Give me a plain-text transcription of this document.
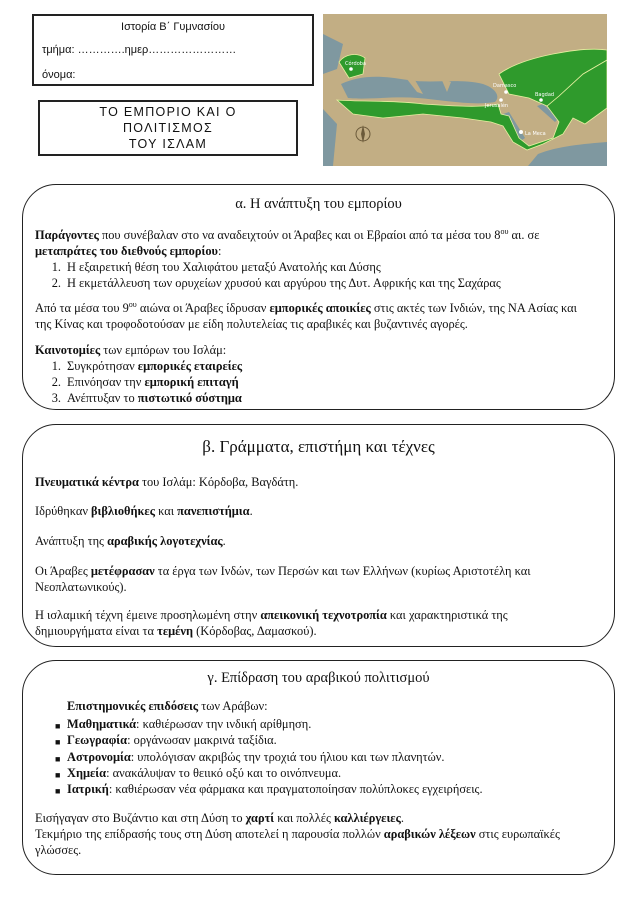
Ιστορία Β΄ Γυμνασίου
τμήμα: ………….ημερ……………………
όνομα:
ΤΟ ΕΜΠΟΡΙΟ ΚΑΙ Ο ΠΟΛΙΤΙΣΜΟΣ
ΤΟΥ ΙΣΛΑΜ
Córdoba
Damasco
Jerusalén
Bagdad
La Meca
α. Η ανάπτυξη του εμπορίου
Παράγοντες που συνέβαλαν στο να αναδειχτούν οι Άραβες και οι Εβραίοι από τα μέσα του $8^{o\upsilon}$ αι. σε
μεταπράτες του διεθνούς εμπορίου:
1. Η εξαιρετική θέση του Χαλιφάτου μεταξύ Ανατολής και Δύσης
2. Η εκμετάλλευση των ορυχείων χρυσού και αργύρου της Δυτ. Αφρικής και της Σαχάρας
Από τα μέσα του $9^{o\upsilon}$ αιώνα οι Άραβες ίδρυσαν εμπορικές αποικίες στις ακτές των Ινδιών, της ΝΑ Ασίας και
της Κίνας και τροφοδοτούσαν με είδη πολυτελείας τις αραβικές και βυζαντινές αγορές.
Καινοτομίες των εμπόρων του Ισλάμ:
1. Συγκρότησαν εμπορικές εταιρείες
2. Επινόησαν την εμπορική επιταγή
3. Ανέπτυξαν το πιστωτικό σύστημα
β. Γράμματα, επιστήμη και τέχνες
Πνευματικά κέντρα του Ισλάμ: Κόρδοβα, Βαγδάτη.
Ιδρύθηκαν βιβλιοθήκες και πανεπιστήμια.
Ανάπτυξη της αραβικής λογοτεχνίας.
Οι Άραβες μετέφρασαν τα έργα των Ινδών, των Περσών και των Ελλήνων (κυρίως Αριστοτέλη και
Νεοπλατωνικούς).
Η ισλαμική τέχνη έμεινε προσηλωμένη στην απεικονική τεχνοτροπία και χαρακτηριστικά της
δημιουργήματα είναι τα τεμένη (Κόρδοβας, Δαμασκού).
γ. Επίδραση του αραβικού πολιτισμού
Επιστημονικές επιδόσεις των Αράβων:
■ Μαθηματικά: καθιέρωσαν την ινδική αρίθμηση.
■ Γεωγραφία: οργάνωσαν μακρινά ταξίδια.
■ Αστρονομία: υπολόγισαν ακριβώς την τροχιά του ήλιου και των πλανητών.
■ Χημεία: ανακάλυψαν το θειικό οξύ και το οινόπνευμα.
■ Ιατρική: καθιέρωσαν νέα φάρμακα και πραγματοποίησαν πολύπλοκες εγχειρήσεις.
Εισήγαγαν στο Βυζάντιο και στη Δύση το χαρτί και πολλές καλλιέργειες.
Τεκμήριο της επίδρασής τους στη Δύση αποτελεί η παρουσία πολλών αραβικών λέξεων στις ευρωπαϊκές
γλώσσες.
